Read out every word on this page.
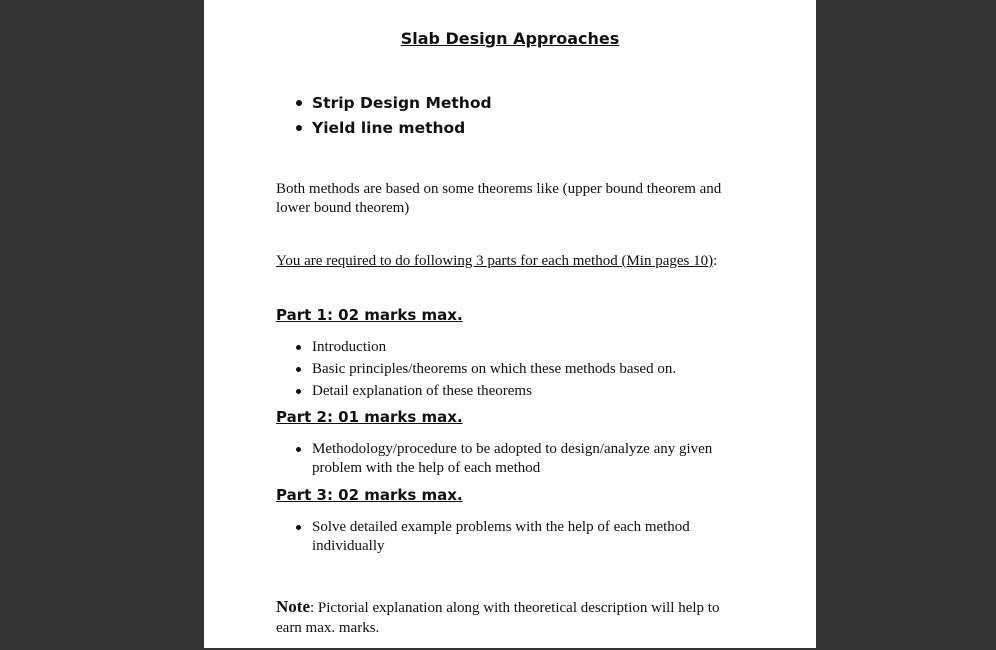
Slab Design Approaches
Strip Design Method
Yield line method

Both methods are based on some theorems like (upper bound theorem and lower bound theorem)

You are required to do following 3 parts for each method (Min pages 10):

Part 1: 02 marks max.
Introduction
Basic principles/theorems on which these methods based on.
Detail explanation of these theorems
Part 2: 01 marks max.
Methodology/procedure to be adopted to design/analyze any given problem with the help of each method
Part 3: 02 marks max.
Solve detailed example problems with the help of each method individually

Note: Pictorial explanation along with theoretical description will help to earn max. marks.
